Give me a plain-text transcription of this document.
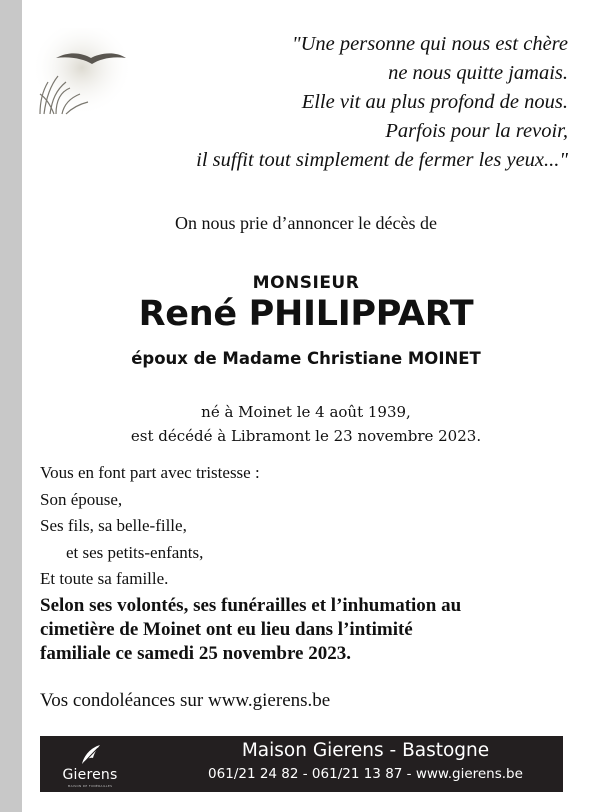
"Une personne qui nous est chère
ne nous quitte jamais.
Elle vit au plus profond de nous.
Parfois pour la revoir,
il suffit tout simplement de fermer les yeux..."
On nous prie d’annoncer le décès de
MONSIEUR
René PHILIPPART
époux de Madame Christiane MOINET
né à Moinet le 4 août 1939,
est décédé à Libramont le 23 novembre 2023.
Vous en font part avec tristesse :
Son épouse,
Ses fils, sa belle-fille,
et ses petits-enfants,
Et toute sa famille.
Selon ses volontés, ses funérailles et l’inhumation au
cimetière de Moinet ont eu lieu dans l’intimité
familiale ce samedi 25 novembre 2023.
Vos condoléances sur www.gierens.be
Gierens
MAISON DE FUNÉRAILLES
Maison Gierens - Bastogne
061/21 24 82 - 061/21 13 87 - www.gierens.be
